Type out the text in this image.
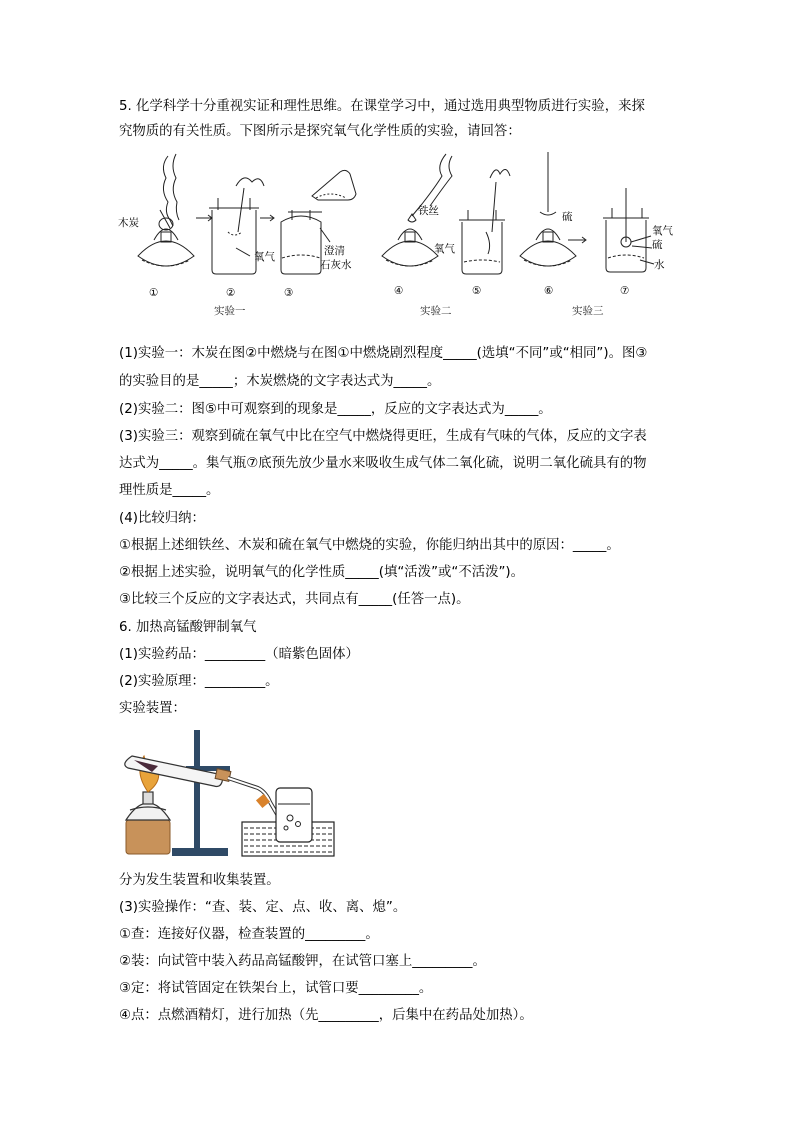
5. 化学科学十分重视实证和理性思维。在课堂学习中，通过选用典型物质进行实验，来探
究物质的有关性质。下图所示是探究氧气化学性质的实验，请回答：
木炭
氧气	澄清
石灰水
铁丝
氧气
硫
氧气
硫
水
①	②	③	④	⑤	⑥	⑦
实验一	实验二	实验三
(1)实验一：木炭在图②中燃烧与在图①中燃烧剧烈程度_____(选填“不同”或“相同”)。图③
的实验目的是_____；木炭燃烧的文字表达式为_____。
(2)实验二：图⑤中可观察到的现象是_____，反应的文字表达式为_____。
(3)实验三：观察到硫在氧气中比在空气中燃烧得更旺，生成有气味的气体，反应的文字表
达式为_____。集气瓶⑦底预先放少量水来吸收生成气体二氧化硫，说明二氧化硫具有的物
理性质是_____。
(4)比较归纳：
①根据上述细铁丝、木炭和硫在氧气中燃烧的实验，你能归纳出其中的原因：_____。
②根据上述实验，说明氧气的化学性质_____(填“活泼”或“不活泼”)。
③比较三个反应的文字表达式，共同点有_____(任答一点)。
6. 加热高锰酸钾制氧气
(1)实验药品：_________（暗紫色固体）
(2)实验原理：_________。
实验装置：
分为发生装置和收集装置。
(3)实验操作：“查、装、定、点、收、离、熄”。
①查：连接好仪器，检查装置的_________。
②装：向试管中装入药品高锰酸钾，在试管口塞上_________。
③定：将试管固定在铁架台上，试管口要_________。
④点：点燃酒精灯，进行加热（先_________，后集中在药品处加热）。
